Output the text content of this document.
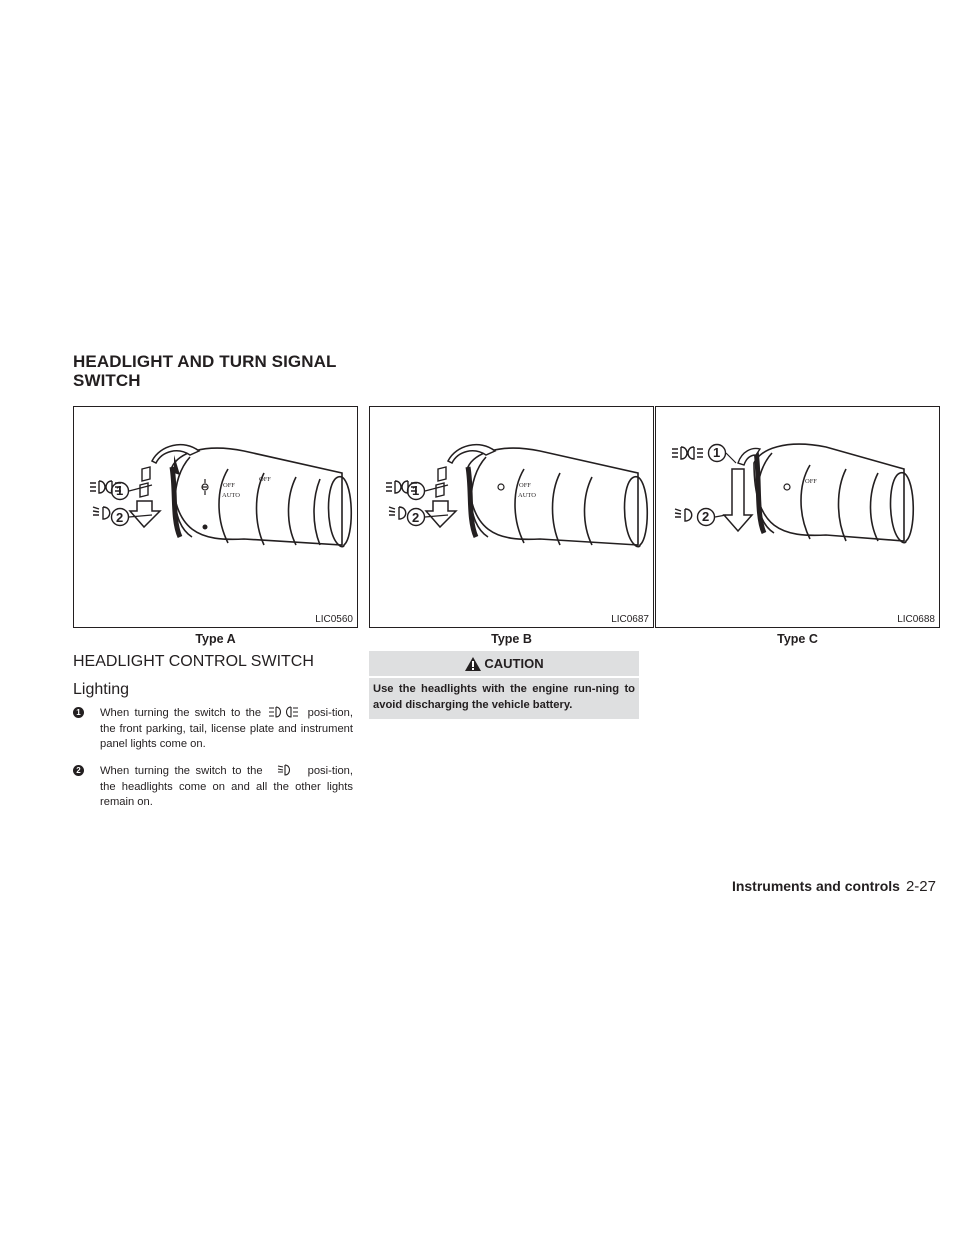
HEADLIGHT AND TURN SIGNAL
SWITCH
OFF
AUTO
OFF
1
2
LIC0560
Type A
OFF
AUTO
1
2
LIC0687
Type B
OFF
1
2
LIC0688
Type C
HEADLIGHT CONTROL SWITCH
Lighting
1 When turning the switch to the	posi-tion, the front parking, tail, license plate and instrument panel lights come on.
2 When turning the switch to the	posi-tion, the headlights come on and all the other lights remain on.
CAUTION
Use the headlights with the engine run-ning to avoid discharging the vehicle battery.
Instruments and controls 2-27
